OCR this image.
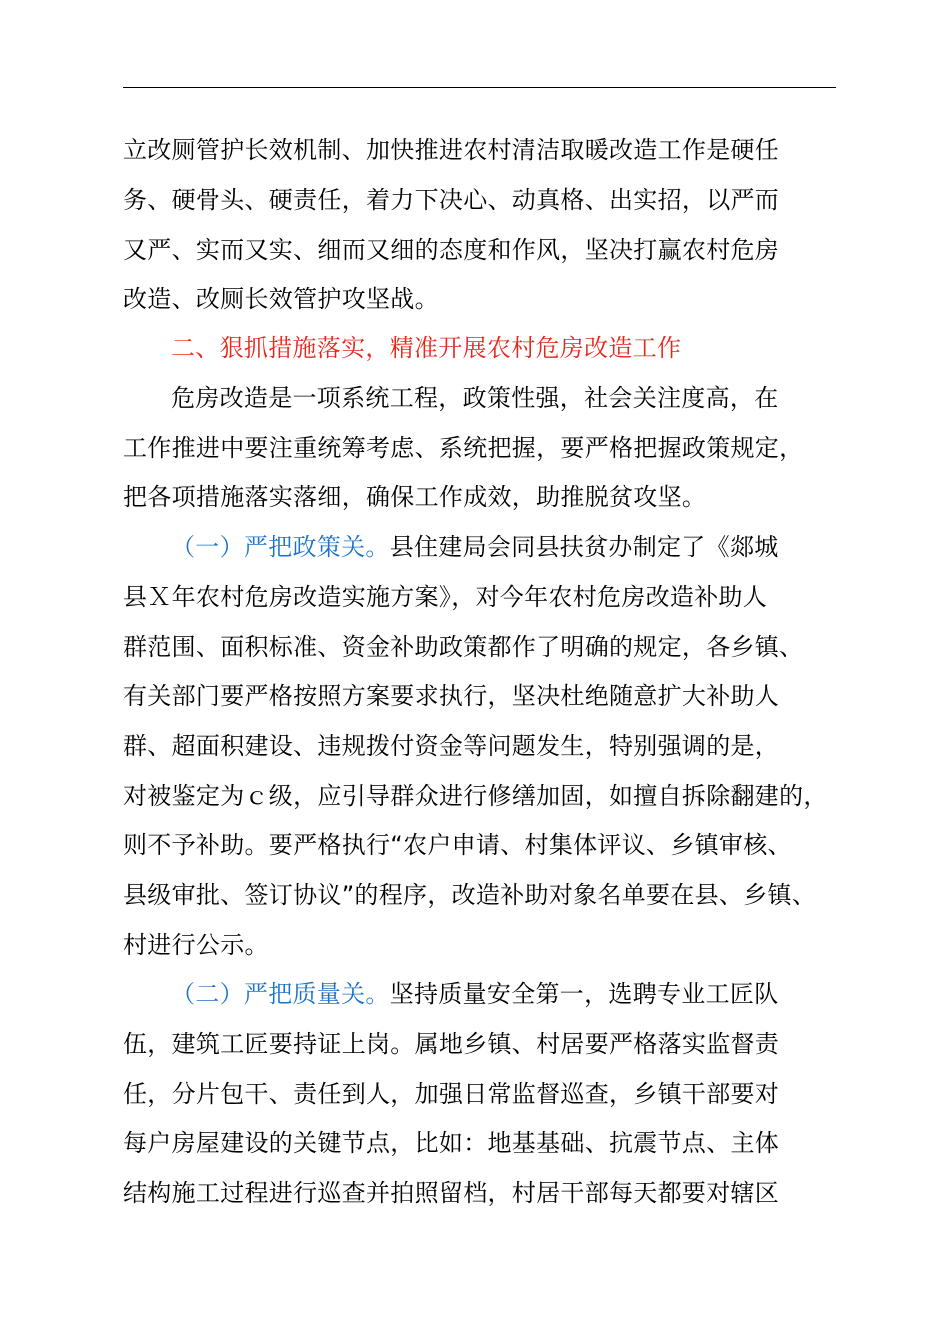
立改厕管护长效机制、加快推进农村清洁取暖改造工作是硬任
务、硬骨头、硬责任，着力下决心、动真格、出实招，以严而
又严、实而又实、细而又细的态度和作风，坚决打赢农村危房
改造、改厕长效管护攻坚战。
二、狠抓措施落实，精准开展农村危房改造工作
危房改造是一项系统工程，政策性强，社会关注度高，在
工作推进中要注重统筹考虑、系统把握，要严格把握政策规定，
把各项措施落实落细，确保工作成效，助推脱贫攻坚。
（一）严把政策关。县住建局会同县扶贫办制定了《郯城
县Ｘ年农村危房改造实施方案》，对今年农村危房改造补助人
群范围、面积标准、资金补助政策都作了明确的规定，各乡镇、
有关部门要严格按照方案要求执行，坚决杜绝随意扩大补助人
群、超面积建设、违规拨付资金等问题发生，特别强调的是，
对被鉴定为ｃ级，应引导群众进行修缮加固，如擅自拆除翻建的，
则不予补助。要严格执行“农户申请、村集体评议、乡镇审核、
县级审批、签订协议”的程序，改造补助对象名单要在县、乡镇、
村进行公示。
（二）严把质量关。坚持质量安全第一，选聘专业工匠队
伍，建筑工匠要持证上岗。属地乡镇、村居要严格落实监督责
任，分片包干、责任到人，加强日常监督巡查，乡镇干部要对
每户房屋建设的关键节点，比如：地基基础、抗震节点、主体
结构施工过程进行巡查并拍照留档，村居干部每天都要对辖区
